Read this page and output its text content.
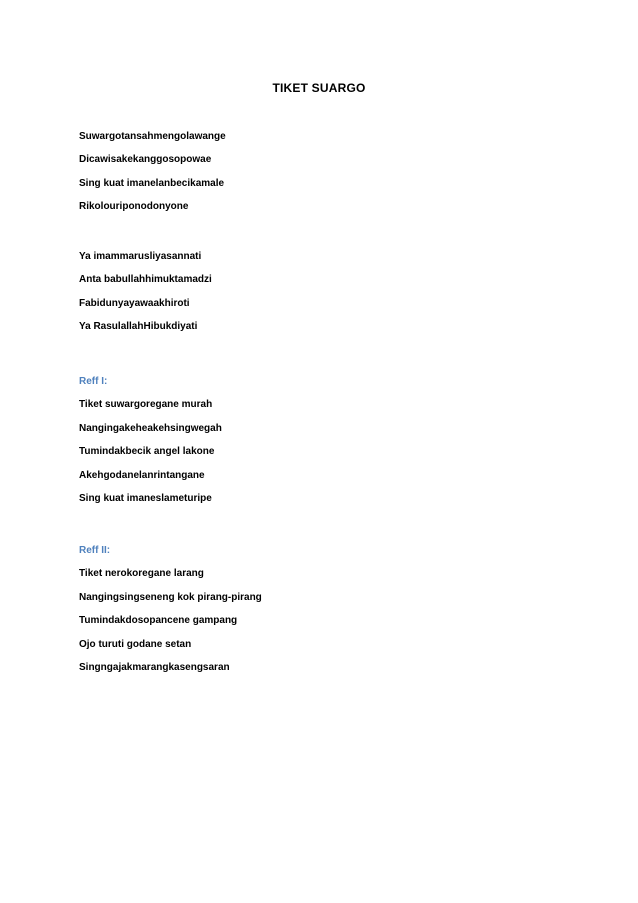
TIKET SUARGO
Suwargotansahmengolawange
Dicawisakekanggosopowae
Sing kuat imanelanbecikamale
Rikolouriponodonyone
Ya imammarusliyasannati
Anta babullahhimuktamadzi
Fabidunyayawaakhiroti
Ya RasulallahHibukdiyati
Reff I:
Tiket suwargoregane murah
Nangingakeheakehsingwegah
Tumindakbecik angel lakone
Akehgodanelanrintangane
Sing kuat imaneslameturipe
Reff II:
Tiket nerokoregane larang
Nangingsingseneng kok pirang-pirang
Tumindakdosopancene gampang
Ojo turuti godane setan
Singngajakmarangkasengsaran
